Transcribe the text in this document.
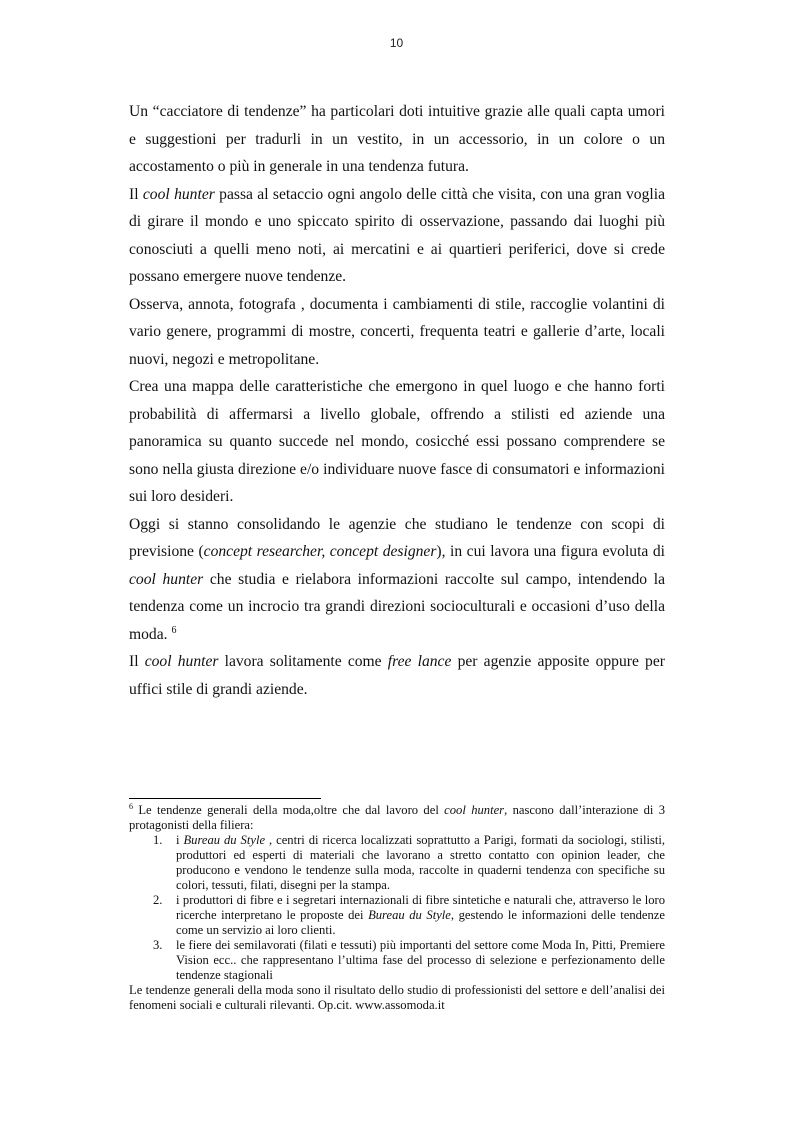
10

Un “cacciatore di tendenze” ha particolari doti intuitive grazie alle quali capta umori e suggestioni per tradurli in un vestito, in un accessorio, in un colore o un accostamento o più in generale in una tendenza futura.

Il cool hunter passa al setaccio ogni angolo delle città che visita, con una gran voglia di girare il mondo e uno spiccato spirito di osservazione, passando dai luoghi più conosciuti a quelli meno noti, ai mercatini e ai quartieri periferici, dove si crede possano emergere nuove tendenze.

Osserva, annota, fotografa , documenta i cambiamenti di stile, raccoglie volantini di vario genere, programmi di mostre, concerti, frequenta teatri e gallerie d’arte, locali nuovi, negozi e metropolitane.

Crea una mappa delle caratteristiche che emergono in quel luogo e che hanno forti probabilità di affermarsi a livello globale, offrendo a stilisti ed aziende una panoramica su quanto succede nel mondo, cosicché essi possano comprendere se sono nella giusta direzione e/o individuare nuove fasce di consumatori e informazioni sui loro desideri.

Oggi si stanno consolidando le agenzie che studiano le tendenze con scopi di previsione (concept researcher, concept designer), in cui lavora una figura evoluta di cool hunter che studia e rielabora informazioni raccolte sul campo, intendendo la tendenza come un incrocio tra grandi direzioni socioculturali e occasioni d’uso della moda. $^6$

Il cool hunter lavora solitamente come free lance per agenzie apposite oppure per uffici stile di grandi aziende.

$^6$ Le tendenze generali della moda,oltre che dal lavoro del cool hunter, nascono dall’interazione di 3 protagonisti della filiera:

1. i Bureau du Style , centri di ricerca localizzati soprattutto a Parigi, formati da sociologi, stilisti, produttori ed esperti di materiali che lavorano a stretto contatto con opinion leader, che producono e vendono le tendenze sulla moda, raccolte in quaderni tendenza con specifiche su colori, tessuti, filati, disegni per la stampa.
2. i produttori di fibre e i segretari internazionali di fibre sintetiche e naturali che, attraverso le loro ricerche interpretano le proposte dei Bureau du Style, gestendo le informazioni delle tendenze come un servizio ai loro clienti.
3. le fiere dei semilavorati (filati e tessuti) più importanti del settore come Moda In, Pitti, Premiere Vision ecc.. che rappresentano l’ultima fase del processo di selezione e perfezionamento delle tendenze stagionali

Le tendenze generali della moda sono il risultato dello studio di professionisti del settore e dell’analisi dei fenomeni sociali e culturali rilevanti. Op.cit. www.assomoda.it
